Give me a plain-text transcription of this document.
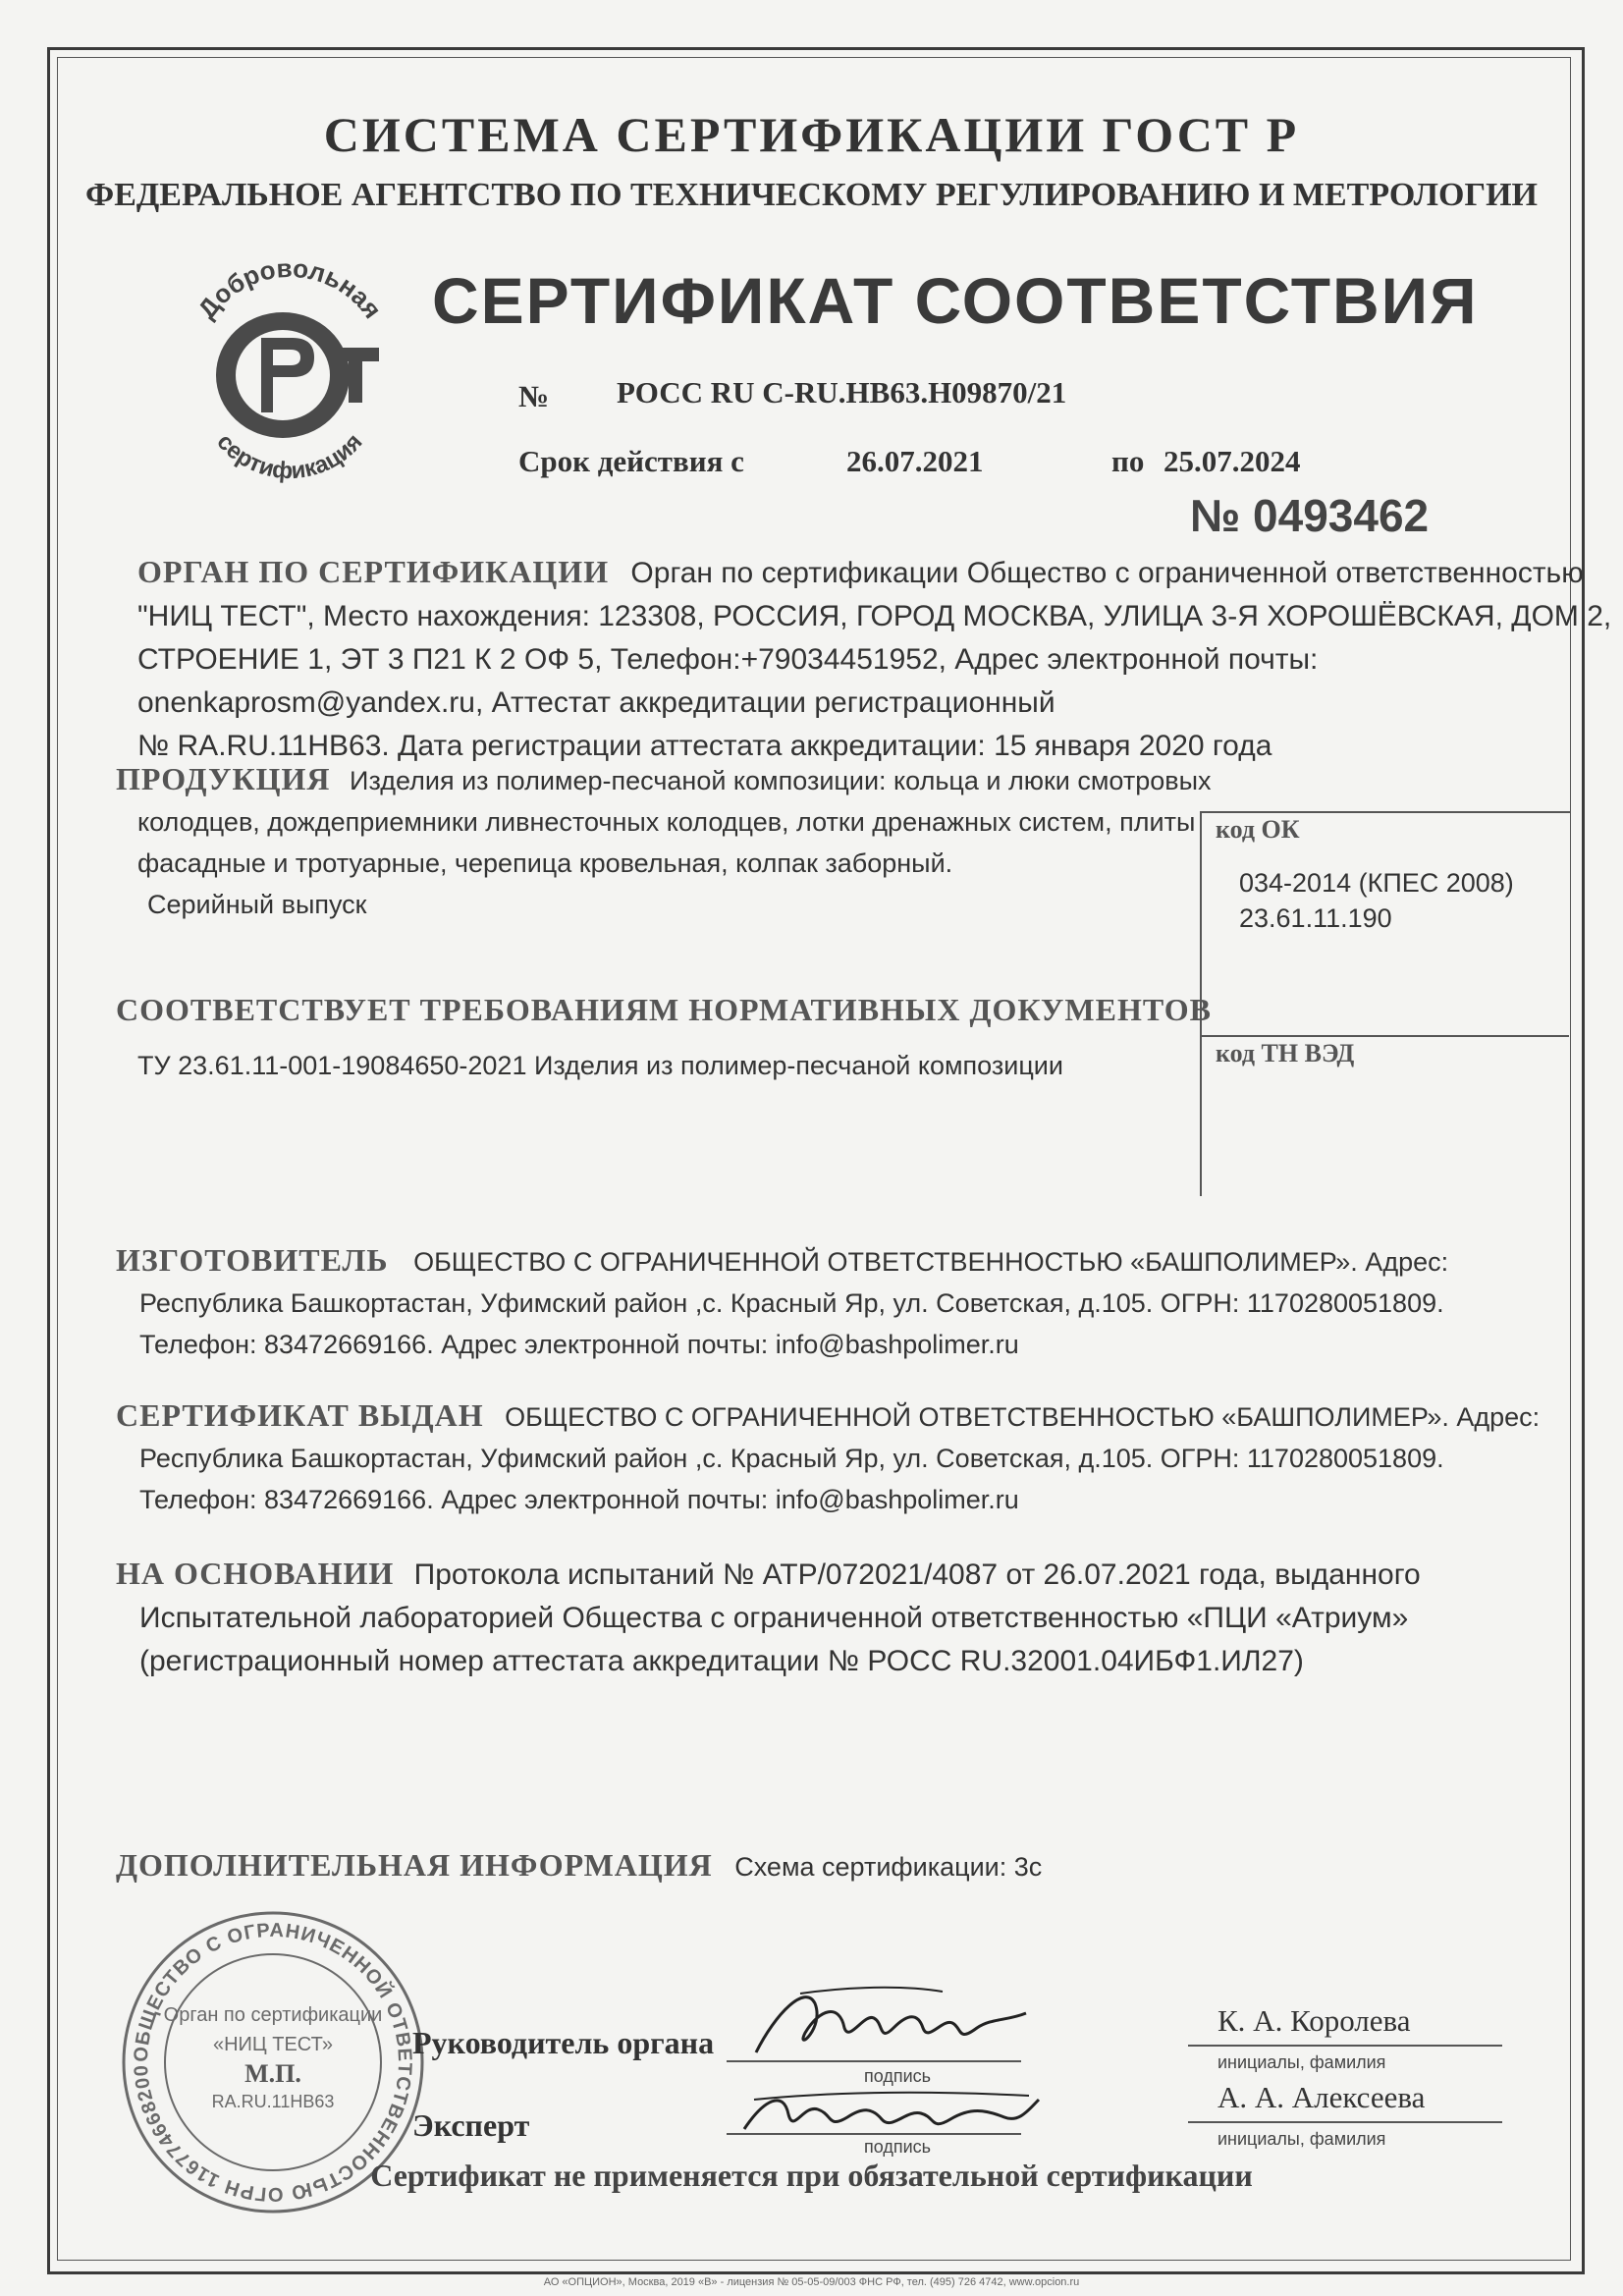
СИСТЕМА СЕРТИФИКАЦИИ ГОСТ Р
ФЕДЕРАЛЬНОЕ АГЕНТСТВО ПО ТЕХНИЧЕСКОМУ РЕГУЛИРОВАНИЮ И МЕТРОЛОГИИ
Добровольная
сертификация
СЕРТИФИКАТ СООТВЕТСТВИЯ
№ РОСС RU С-RU.НВ63.Н09870/21
Срок действия с	26.07.2021	по 25.07.2024
№ 0493462
ОРГАН ПО СЕРТИФИКАЦИИ Орган по сертификации Общество с ограниченной ответственностью
"НИЦ ТЕСТ", Место нахождения: 123308, РОССИЯ, ГОРОД МОСКВА, УЛИЦА 3-Я ХОРОШЁВСКАЯ, ДОМ 2,
СТРОЕНИЕ 1, ЭТ 3 П21 К 2 ОФ 5, Телефон:+79034451952, Адрес электронной почты:
onenkaprosm@yandex.ru, Аттестат аккредитации регистрационный
№ RA.RU.11НВ63. Дата регистрации аттестата аккредитации: 15 января 2020 года
ПРОДУКЦИЯ Изделия из полимер-песчаной композиции: кольца и люки смотровых
колодцев, дождеприемники ливнесточных колодцев, лотки дренажных систем, плиты
фасадные и тротуарные, черепица кровельная, колпак заборный.
Серийный выпуск
код ОК
034-2014 (КПЕС 2008)
23.61.11.190
СООТВЕТСТВУЕТ ТРЕБОВАНИЯМ НОРМАТИВНЫХ ДОКУМЕНТОВ
код ТН ВЭД
ТУ 23.61.11-001-19084650-2021 Изделия из полимер-песчаной композиции
ИЗГОТОВИТЕЛЬ ОБЩЕСТВО С ОГРАНИЧЕННОЙ ОТВЕТСТВЕННОСТЬЮ «БАШПОЛИМЕР». Адрес:
Республика Башкортастан, Уфимский район ,с. Красный Яр, ул. Советская, д.105. ОГРН: 1170280051809.
Телефон: 83472669166. Адрес электронной почты: info@bashpolimer.ru
СЕРТИФИКАТ ВЫДАН ОБЩЕСТВО С ОГРАНИЧЕННОЙ ОТВЕТСТВЕННОСТЬЮ «БАШПОЛИМЕР». Адрес:
Республика Башкортастан, Уфимский район ,с. Красный Яр, ул. Советская, д.105. ОГРН: 1170280051809.
Телефон: 83472669166. Адрес электронной почты: info@bashpolimer.ru
НА ОСНОВАНИИ Протокола испытаний № АТР/072021/4087 от 26.07.2021 года, выданного
Испытательной лабораторией Общества с ограниченной ответственностью «ПЦИ «Атриум»
(регистрационный номер аттестата аккредитации № РОСС RU.32001.04ИБФ1.ИЛ27)
ДОПОЛНИТЕЛЬНАЯ ИНФОРМАЦИЯ Схема сертификации: 3с
ОБЩЕСТВО С ОГРАНИЧЕННОЙ ОТВЕТСТВЕННОСТЬЮ ОГРН 116774668200
Орган по сертификации
«НИЦ ТЕСТ»
М.П.
RA.RU.11НВ63
Руководитель органа
подпись
К. А. Королева
инициалы, фамилия
Эксперт
подпись
А. А. Алексеева
инициалы, фамилия
Сертификат не применяется при обязательной сертификации
АО «ОПЦИОН», Москва, 2019 «В» - лицензия № 05-05-09/003 ФНС РФ, тел. (495) 726 4742, www.opcion.ru
